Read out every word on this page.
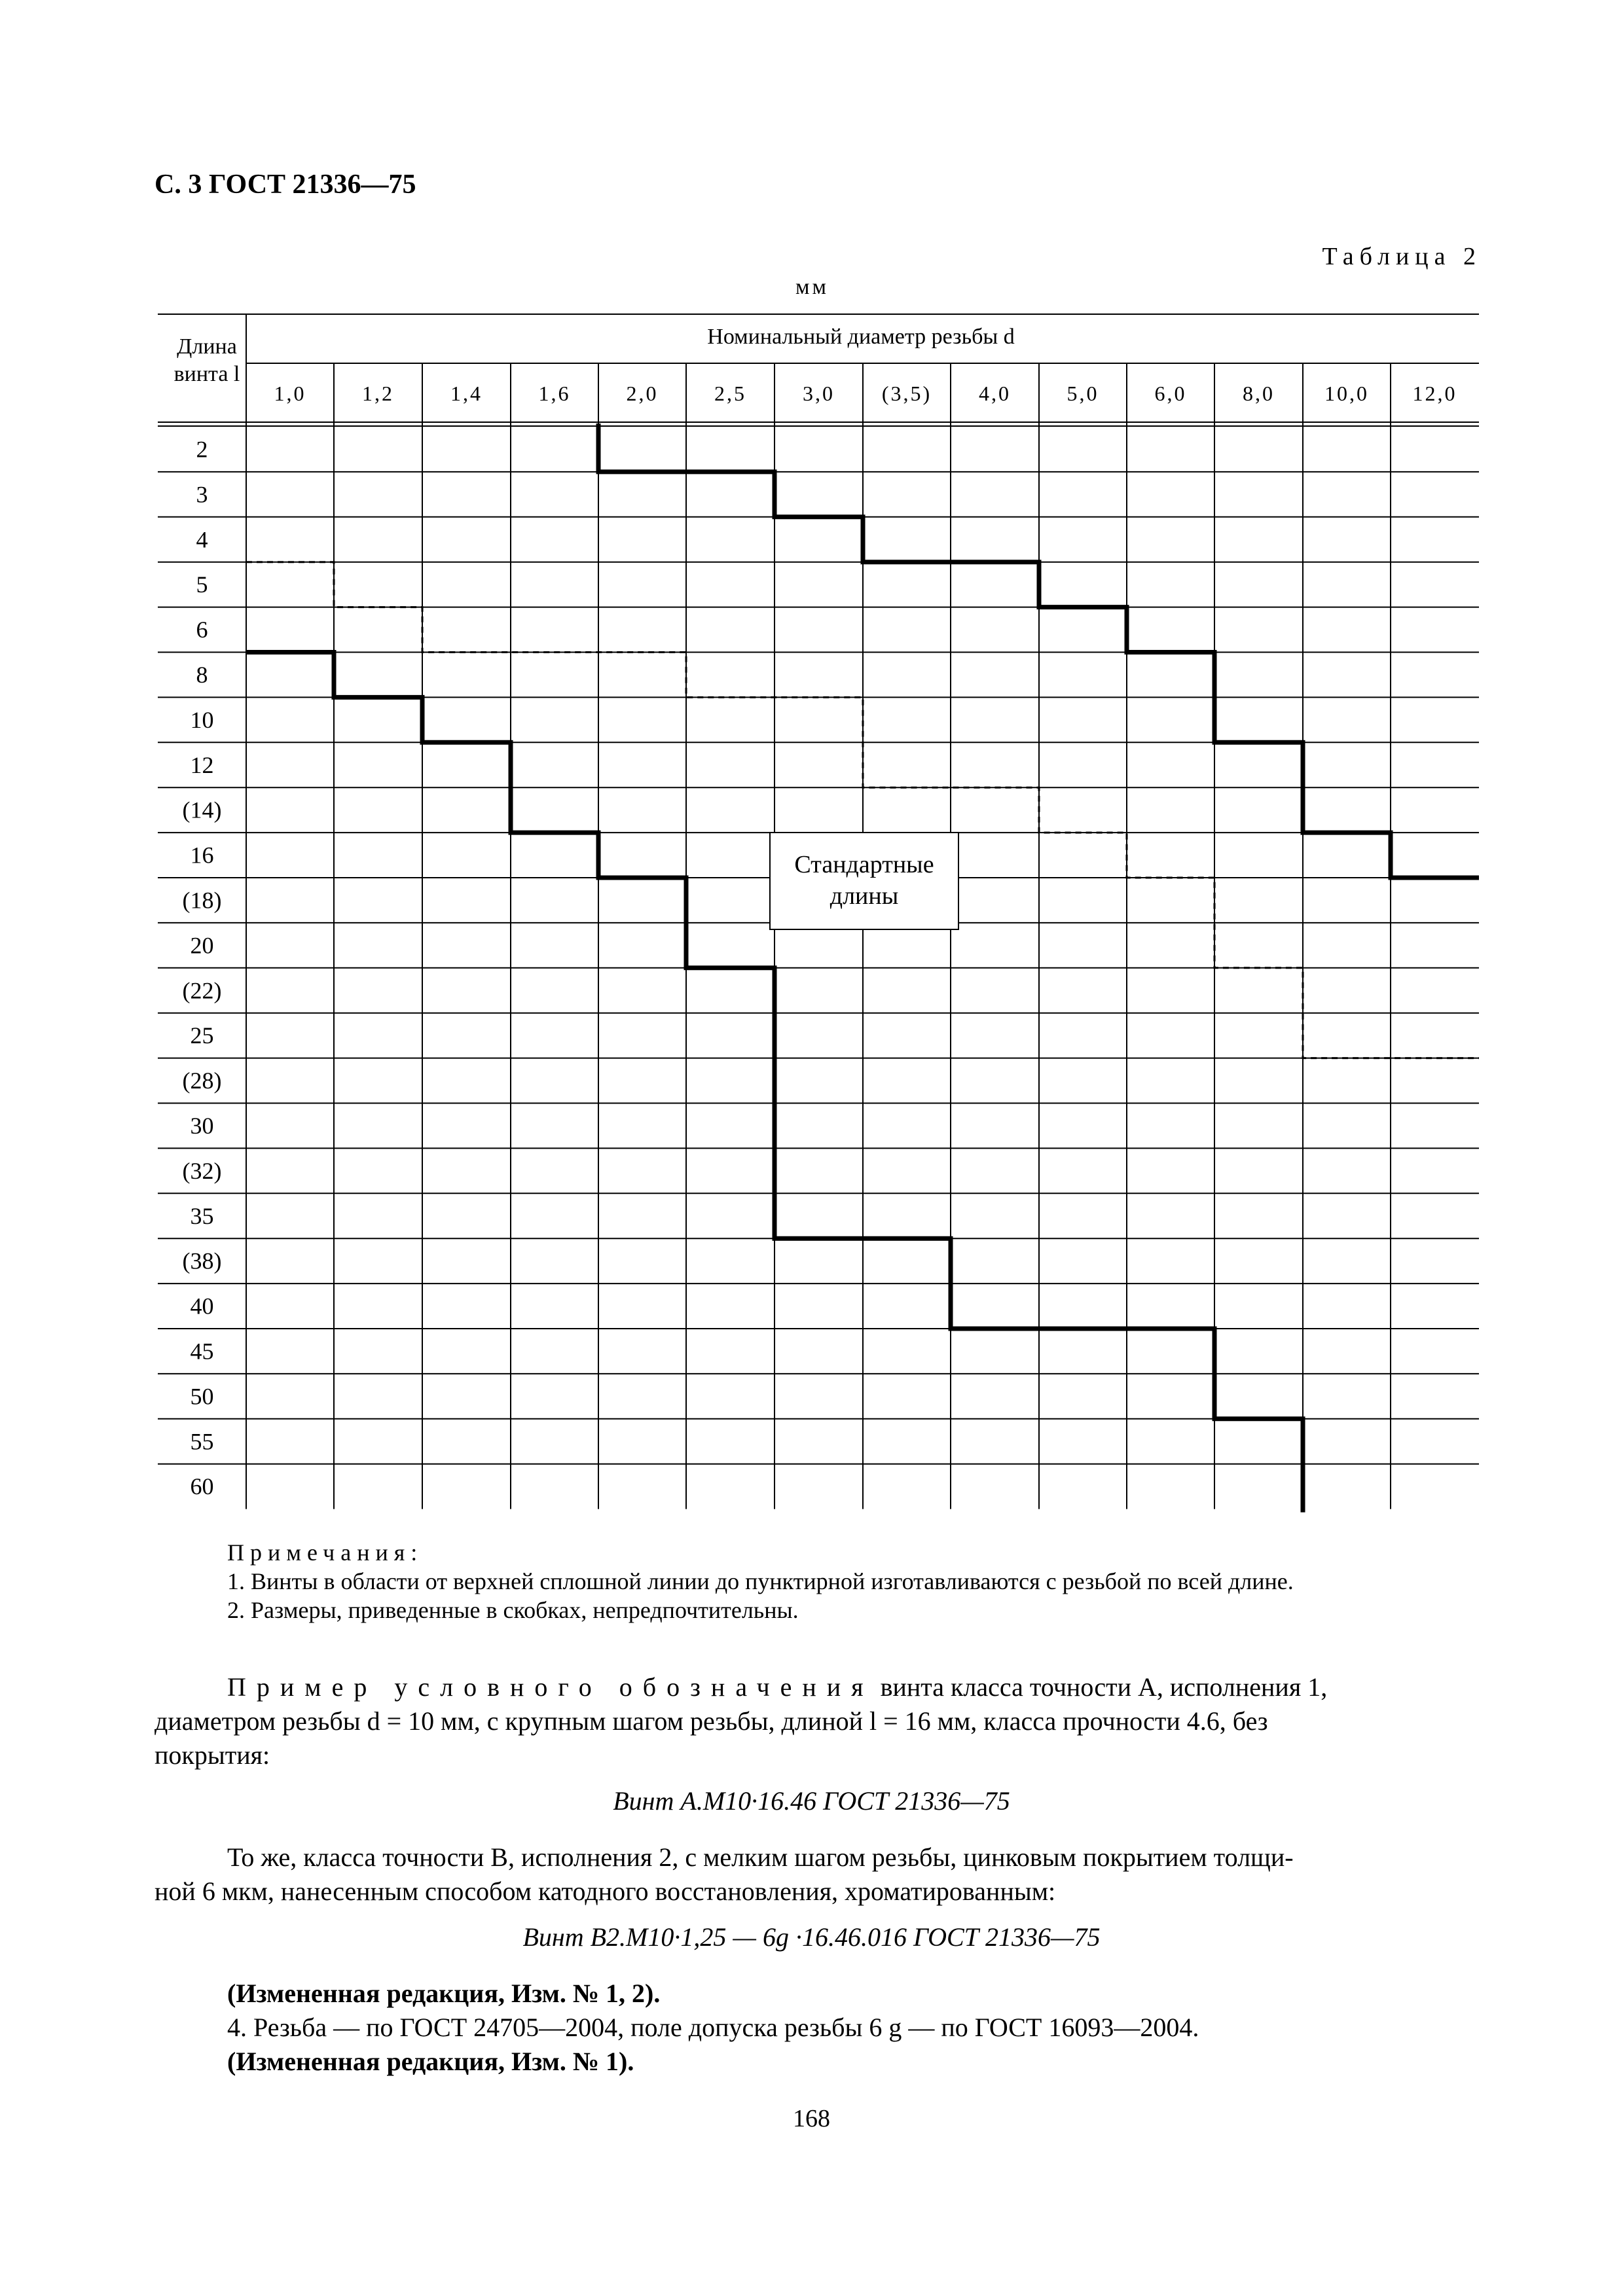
С. 3 ГОСТ 21336—75
Таблица 2
мм
Стандартные
длины
Длина
винта l
Номинальный диаметр резьбы d
1,0	1,2	1,4	1,6	2,0	2,5	3,0 (3,5) 4,0	5,0	6,0	8,0 10,0 12,0
2
3
4
5
6
8
10
12
(14)
16
(18)
20
(22)
25
(28)
30
(32)
35
(38)
40
45
50
55
60
Примечания:
1. Винты в области от верхней сплошной линии до пунктирной изготавливаются с резьбой по всей длине.
2. Размеры, приведенные в скобках, непредпочтительны.
Пример условного обозначения винта класса точности А, исполнения 1,
диаметром резьбы d = 10 мм, с крупным шагом резьбы, длиной l = 16 мм, класса прочности 4.6, без
покрытия:
Винт А.М10·16.46 ГОСТ 21336—75
То же, класса точности В, исполнения 2, с мелким шагом резьбы, цинковым покрытием толщи-
ной 6 мкм, нанесенным способом катодного восстановления, хроматированным:
Винт В2.М10·1,25 — 6g ·16.46.016 ГОСТ 21336—75
(Измененная редакция, Изм. № 1, 2).
4. Резьба — по ГОСТ 24705—2004, поле допуска резьбы 6 g — по ГОСТ 16093—2004.
(Измененная редакция, Изм. № 1).
168
